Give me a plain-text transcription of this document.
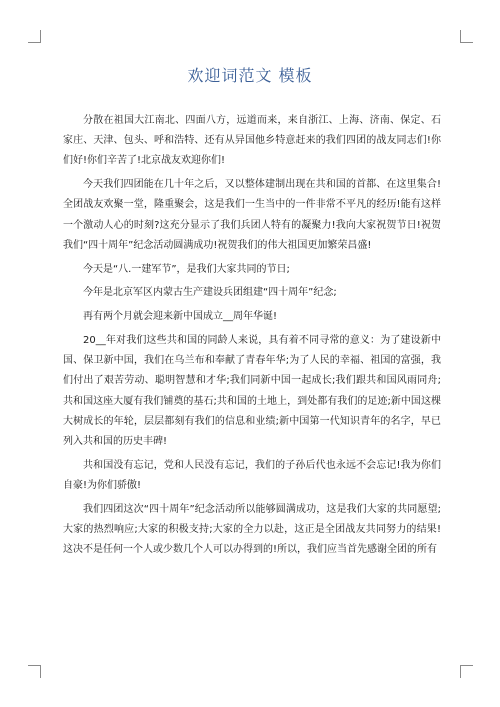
欢迎词范文 模板

分散在祖国大江南北、四面八方，远道而来，来自浙江、上海、济南、保定、石家庄、天津、包头、呼和浩特、还有从异国他乡特意赶来的我们四团的战友同志们!你们好!你们辛苦了!北京战友欢迎你们!

今天我们四团能在几十年之后，又以整体建制出现在共和国的首都、在这里集合!全团战友欢聚一堂，隆重聚会，这是我们一生当中的一件非常不平凡的经历!能有这样一个激动人心的时刻?这充分显示了我们兵团人特有的凝聚力!我向大家祝贺节日!祝贺我们“四十周年”纪念活动圆满成功!祝贺我们的伟大祖国更加繁荣昌盛!

今天是“八.一建军节”，是我们大家共同的节日;

今年是北京军区内蒙古生产建设兵团组建“四十周年”纪念;

再有两个月就会迎来新中国成立__周年华诞!

20__年对我们这些共和国的同龄人来说，具有着不同寻常的意义：为了建设新中国、保卫新中国，我们在乌兰布和奉献了青春年华;为了人民的幸福、祖国的富强，我们付出了艰苦劳动、聪明智慧和才华;我们同新中国一起成长;我们跟共和国风雨同舟;共和国这座大厦有我们铺奠的基石;共和国的土地上，到处都有我们的足迹;新中国这棵大树成长的年轮，层层都刻有我们的信息和业绩;新中国第一代知识青年的名字，早已列入共和国的历史丰碑!

共和国没有忘记，党和人民没有忘记，我们的子孙后代也永远不会忘记!我为你们自豪!为你们骄傲!

我们四团这次“四十周年”纪念活动所以能够圆满成功，这是我们大家的共同愿望;大家的热烈响应;大家的积极支持;大家的全力以赴，这正是全团战友共同努力的结果!这决不是任何一个人或少数几个人可以办得到的!所以，我们应当首先感谢全团的所有
